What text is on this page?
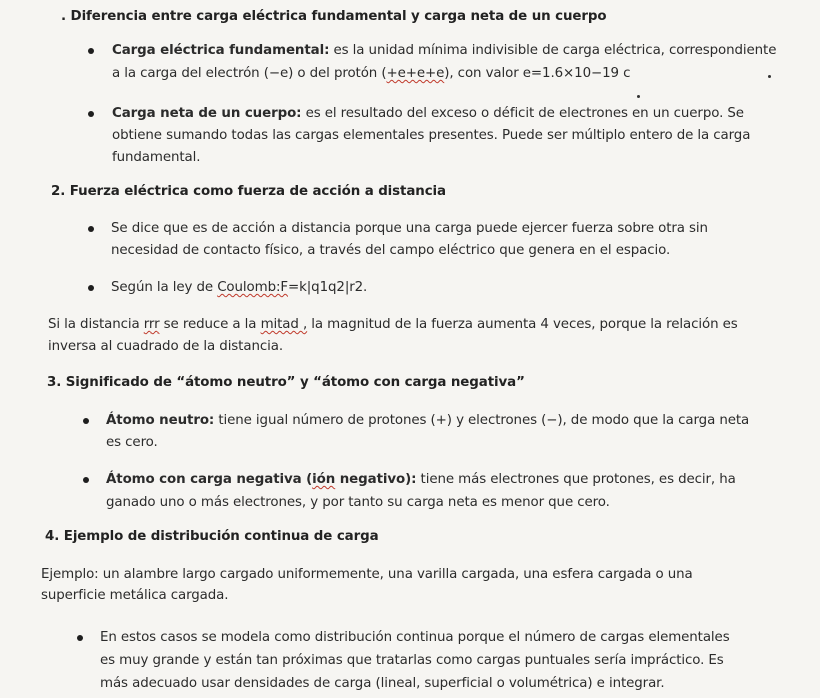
. Diferencia entre carga eléctrica fundamental y carga neta de un cuerpo
Carga eléctrica fundamental: es la unidad mínima indivisible de carga eléctrica, correspondiente
a la carga del electrón (−e) o del protón (+e+e+e), con valor e=1.6×10−19 c
Carga neta de un cuerpo: es el resultado del exceso o déficit de electrones en un cuerpo. Se
obtiene sumando todas las cargas elementales presentes. Puede ser múltiplo entero de la carga
fundamental.
2. Fuerza eléctrica como fuerza de acción a distancia
Se dice que es de acción a distancia porque una carga puede ejercer fuerza sobre otra sin
necesidad de contacto físico, a través del campo eléctrico que genera en el espacio.
Según la ley de Coulomb:F=k|q1q2|r2.
Si la distancia rrr se reduce a la mitad , la magnitud de la fuerza aumenta 4 veces, porque la relación es
inversa al cuadrado de la distancia.
3. Significado de “átomo neutro” y “átomo con carga negativa”
Átomo neutro: tiene igual número de protones (+) y electrones (−), de modo que la carga neta
es cero.
Átomo con carga negativa (ión negativo): tiene más electrones que protones, es decir, ha
ganado uno o más electrones, y por tanto su carga neta es menor que cero.
4. Ejemplo de distribución continua de carga
Ejemplo: un alambre largo cargado uniformemente, una varilla cargada, una esfera cargada o una
superficie metálica cargada.
En estos casos se modela como distribución continua porque el número de cargas elementales
es muy grande y están tan próximas que tratarlas como cargas puntuales sería impráctico. Es
más adecuado usar densidades de carga (lineal, superficial o volumétrica) e integrar.
